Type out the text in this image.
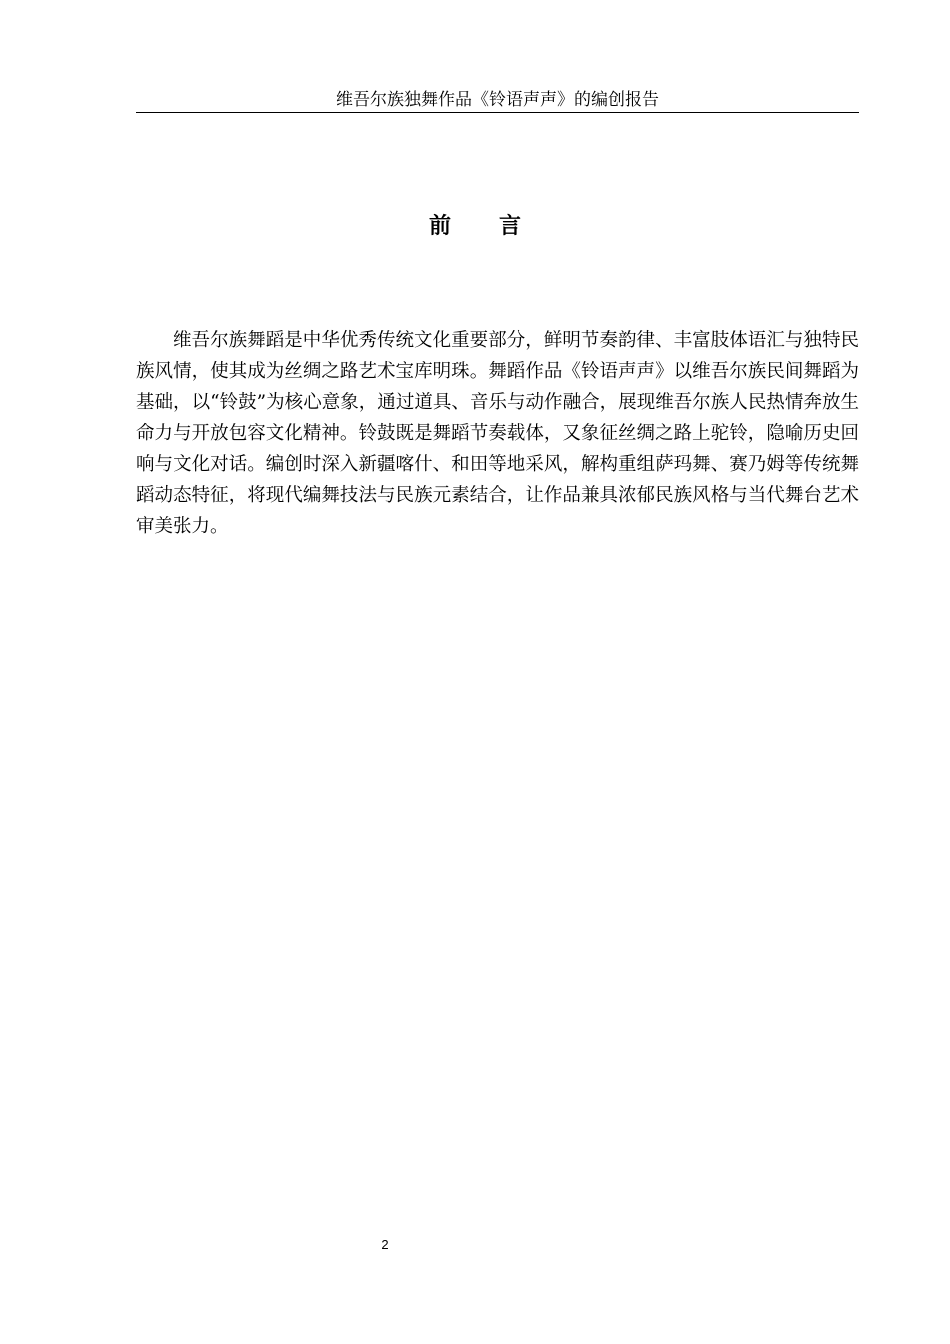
维吾尔族独舞作品《铃语声声》的编创报告
前言

维吾尔族舞蹈是中华优秀传统文化重要部分，鲜明节奏韵律、丰富肢体语汇与独特民族风情，使其成为丝绸之路艺术宝库明珠。舞蹈作品《铃语声声》以维吾尔族民间舞蹈为基础，以“铃鼓”为核心意象，通过道具、音乐与动作融合，展现维吾尔族人民热情奔放生命力与开放包容文化精神。铃鼓既是舞蹈节奏载体，又象征丝绸之路上驼铃，隐喻历史回响与文化对话。编创时深入新疆喀什、和田等地采风，解构重组萨玛舞、赛乃姆等传统舞蹈动态特征，将现代编舞技法与民族元素结合，让作品兼具浓郁民族风格与当代舞台艺术审美张力。

2
